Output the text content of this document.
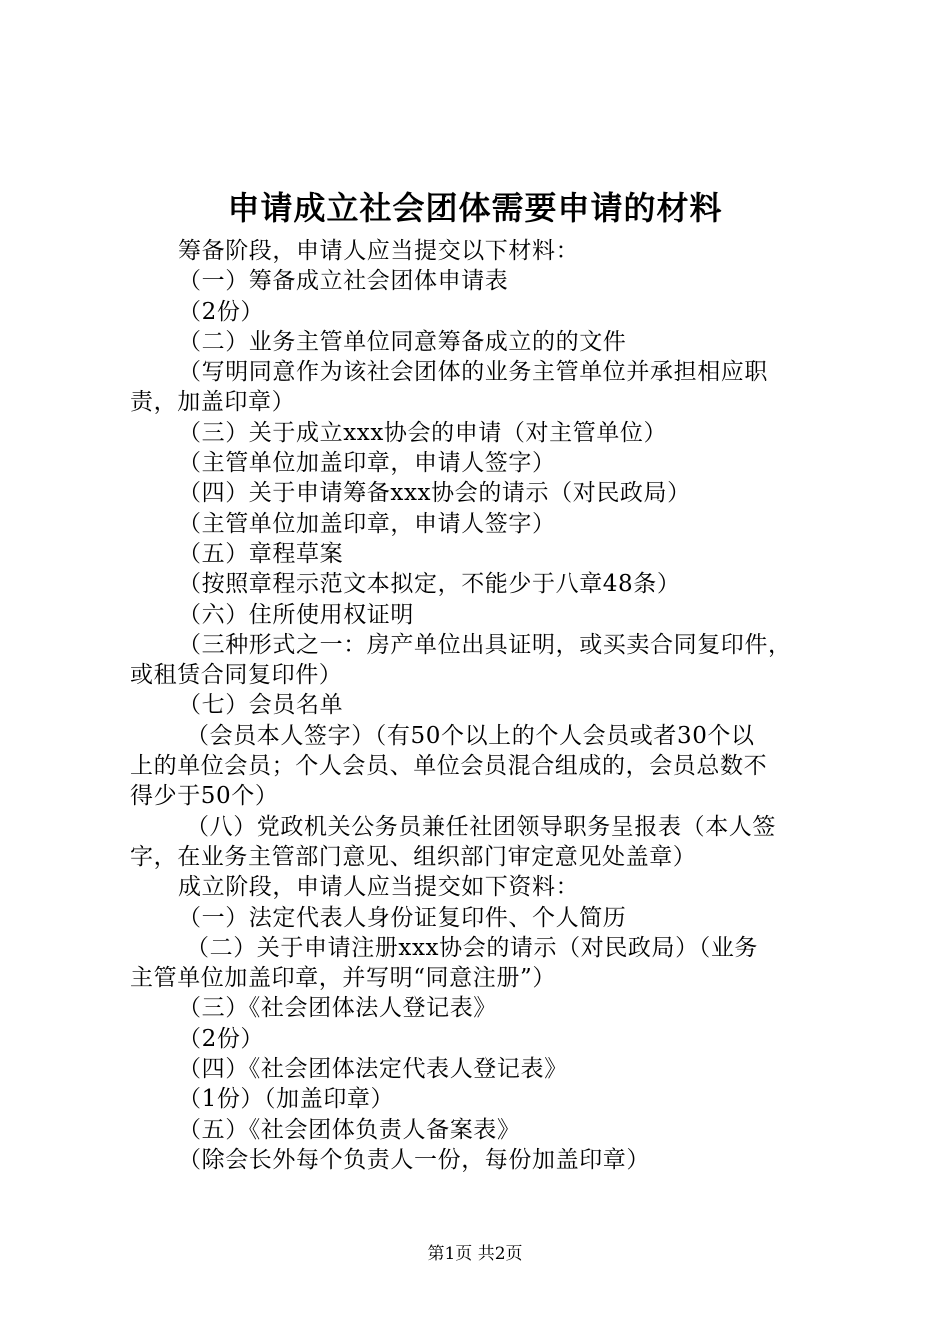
申请成立社会团体需要申请的材料
筹备阶段，申请人应当提交以下材料：
（一）筹备成立社会团体申请表
（2份）
（二）业务主管单位同意筹备成立的的文件
（写明同意作为该社会团体的业务主管单位并承担相应职
责，加盖印章）
（三）关于成立xxx协会的申请（对主管单位）
（主管单位加盖印章，申请人签字）
（四）关于申请筹备xxx协会的请示（对民政局）
（主管单位加盖印章，申请人签字）
（五）章程草案
（按照章程示范文本拟定，不能少于八章48条）
（六）住所使用权证明
（三种形式之一：房产单位出具证明，或买卖合同复印件，
或租赁合同复印件）
（七）会员名单
（会员本人签字）（有50个以上的个人会员或者30个以
上的单位会员；个人会员、单位会员混合组成的，会员总数不
得少于50个）
（八）党政机关公务员兼任社团领导职务呈报表（本人签
字，在业务主管部门意见、组织部门审定意见处盖章）
成立阶段，申请人应当提交如下资料：
（一）法定代表人身份证复印件、个人简历
（二）关于申请注册xxx协会的请示（对民政局）（业务
主管单位加盖印章，并写明“同意注册”）
（三）《社会团体法人登记表》
（2份）
（四）《社会团体法定代表人登记表》
（1份）（加盖印章）
（五）《社会团体负责人备案表》
（除会长外每个负责人一份，每份加盖印章）
第1页 共2页
